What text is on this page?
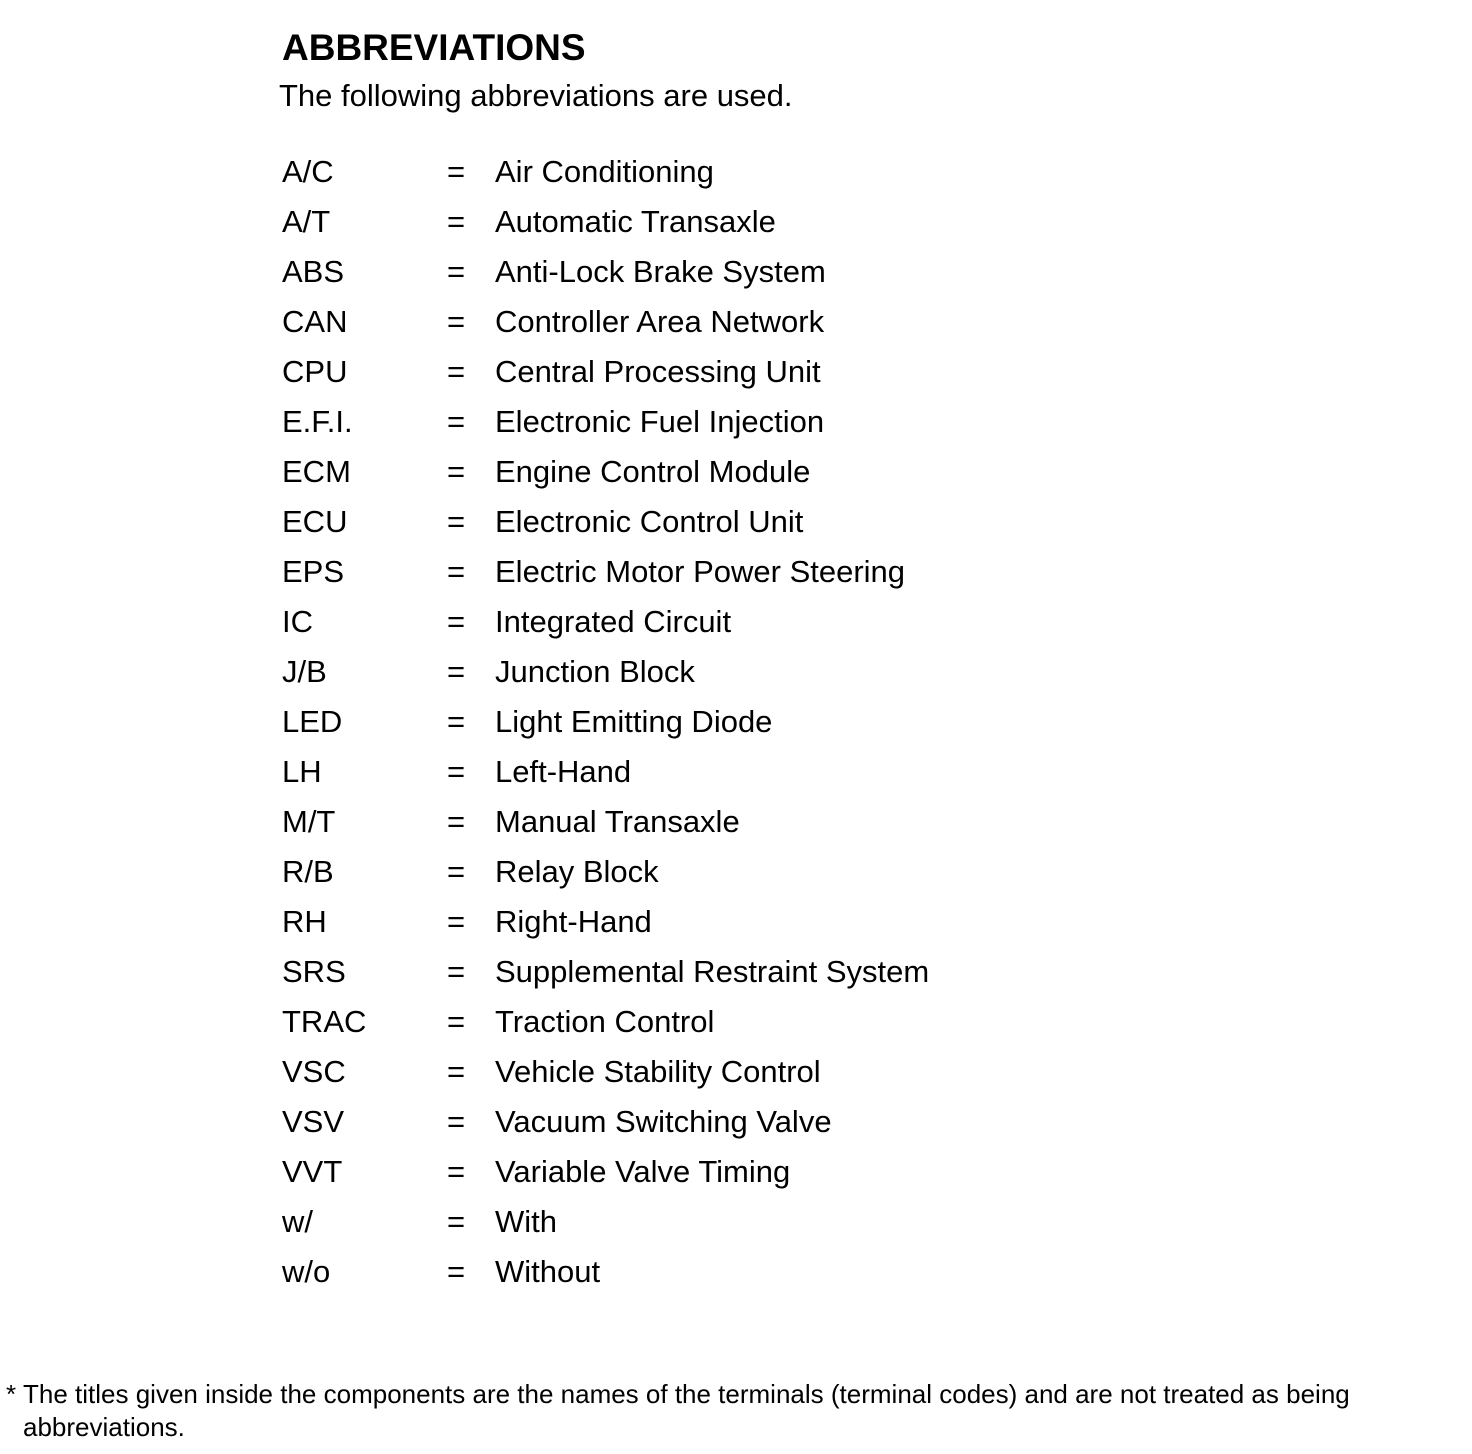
ABBREVIATIONS
The following abbreviations are used.
A/C	= Air Conditioning
A/T	= Automatic Transaxle
ABS	= Anti-Lock Brake System
CAN	= Controller Area Network
CPU	= Central Processing Unit
E.F.I.	= Electronic Fuel Injection
ECM	= Engine Control Module
ECU	= Electronic Control Unit
EPS	= Electric Motor Power Steering
IC	= Integrated Circuit
J/B	= Junction Block
LED	= Light Emitting Diode
LH	= Left-Hand
M/T	= Manual Transaxle
R/B	= Relay Block
RH	= Right-Hand
SRS	= Supplemental Restraint System
TRAC	= Traction Control
VSC	= Vehicle Stability Control
VSV	= Vacuum Switching Valve
VVT	= Variable Valve Timing
w/	= With
w/o	= Without
* The titles given inside the components are the names of the terminals (terminal codes) and are not treated as being abbreviations.
